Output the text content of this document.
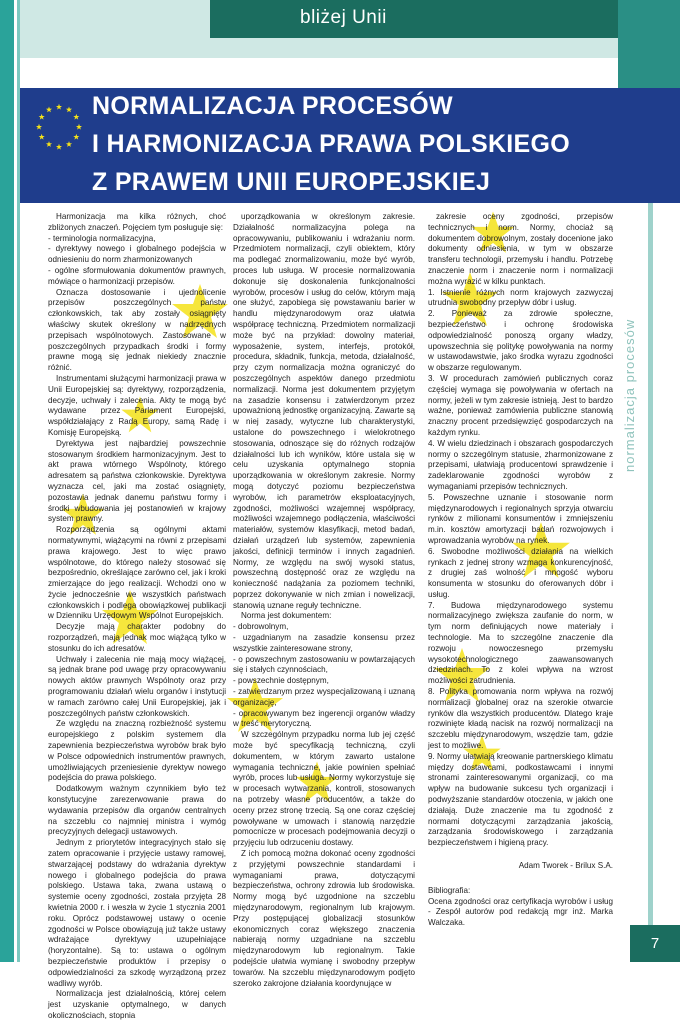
bliżej Unii
normalizacja procesów
NORMALIZACJA PROCESÓW
I HARMONIZACJA PRAWA POLSKIEGO
Z PRAWEM UNII EUROPEJSKIEJ

Harmonizacja ma kilka różnych, choć zbliżonych znaczeń. Pojęciem tym posługuje się:

- terminologia normalizacyjna,

- dyrektywy nowego i globalnego podejścia w odniesieniu do norm zharmonizowanych

- ogólne sformułowania dokumentów prawnych, mówiące o harmonizacji przepisów.

Oznacza dostosowanie i ujednolicenie przepisów poszczególnych państw członkowskich, tak aby zostały osiągnięty właściwy skutek określony w nadrzędnych przepisach wspólnotowych. Zastosowane w poszczególnych przypadkach środki i formy prawne mogą się jednak niekiedy znacznie różnić.

Instrumentami służącymi harmonizacji prawa w Unii Europejskiej są: dyrektywy, rozporządzenia, decyzje, uchwały i zalecenia. Akty te mogą być wydawane przez Parlament Europejski, współdziałający z Radą Europy, samą Radę i Komisję Europejską.

Dyrektywa jest najbardziej powszechnie stosowanym środkiem harmonizacyjnym. Jest to akt prawa wtórnego Wspólnoty, którego adresatem są państwa członkowskie. Dyrektywa wyznacza cel, jaki ma zostać osiągnięty, pozostawia jednak danemu państwu formy i środki wbudowania jej postanowień w krajowy system prawny.

Rozporządzenia są ogólnymi aktami normatywnymi, wiążącymi na równi z przepisami prawa krajowego. Jest to więc prawo wspólnotowe, do którego należy stosować się bezpośrednio, określające zarówno cel, jak i kroki zmierzające do jego realizacji. Wchodzi ono w życie jednocześnie we wszystkich państwach członkowskich i podlega obowiązkowej publikacji w Dzienniku Urzędowym Wspólnot Europejskich.

Decyzje mają charakter podobny do rozporządzeń, mają jednak moc wiążącą tylko w stosunku do ich adresatów.

Uchwały i zalecenia nie mają mocy wiążącej, są jednak brane pod uwagę przy opracowywaniu nowych aktów prawnych Wspólnoty oraz przy programowaniu działań wielu organów i instytucji w ramach zarówno całej Unii Europejskiej, jak i poszczególnych państw członkowskich.

Ze względu na znaczną rozbieżność systemu europejskiego z polskim systemem dla zapewnienia bezpieczeństwa wyrobów brak było w Polsce odpowiednich instrumentów prawnych, umożliwiających przeniesienie dyrektyw nowego podejścia do prawa polskiego.

Dodatkowym ważnym czynnikiem było też konstytucyjne zarezerwowanie prawa do wydawania przepisów dla organów centralnych na szczeblu co najmniej ministra i wymóg precyzyjnych delegacji ustawowych.

Jednym z priorytetów integracyjnych stało się zatem opracowanie i przyjęcie ustawy ramowej, stwarzającej podstawy do wdrażania dyrektyw nowego i globalnego podejścia do prawa polskiego. Ustawa taka, zwana ustawą o systemie oceny zgodności, została przyjęta 28 kwietnia 2000 r. i weszła w życie 1 stycznia 2001 roku. Oprócz podstawowej ustawy o ocenie zgodności w Polsce obowiązują już także ustawy wdrażające dyrektywy uzupełniające (horyzontalne). Są to: ustawa o ogólnym bezpieczeństwie produktów i przepisy o odpowiedzialności za szkodę wyrządzoną przez wadliwy wyrób.

Normalizacja jest działalnością, której celem jest uzyskanie optymalnego, w danych okolicznościach, stopnia

uporządkowania w określonym zakresie. Działalność normalizacyjna polega na opracowywaniu, publikowaniu i wdrażaniu norm. Przedmiotem normalizacji, czyli obiektem, który ma podlegać znormalizowaniu, może być wyrób, proces lub usługa. W procesie normalizowania dokonuje się doskonalenia funkcjonalności wyrobów, procesów i usług do celów, którym mają one służyć, zapobiega się powstawaniu barier w handlu międzynarodowym oraz ułatwia współpracę techniczną. Przedmiotem normalizacji może być na przykład: dowolny materiał, wyposażenie, system, interfejs, protokół, procedura, składnik, funkcja, metoda, działalność, przy czym normalizacja można ograniczyć do poszczególnych aspektów danego przedmiotu normalizacji. Norma jest dokumentem przyjętym na zasadzie konsensu i zatwierdzonym przez upoważnioną jednostkę organizacyjną. Zawarte są w niej zasady, wytyczne lub charakterystyki, ustalone do powszechnego i wielokrotnego stosowania, odnoszące się do różnych rodzajów działalności lub ich wyników, które ustala się w celu uzyskania optymalnego stopnia uporządkowania w określonym zakresie. Normy mogą dotyczyć poziomu bezpieczeństwa wyrobów, ich parametrów eksploatacyjnych, zgodności, możliwości wzajemnej współpracy, możliwości wzajemnego podłączenia, właściwości materiałów, systemów klasyfikacji, metod badań, działań urządzeń lub systemów, zapewnienia jakości, definicji terminów i innych zagadnień. Normy, ze względu na swój wysoki status, powszechną dostępność oraz ze względu na konieczność nadążania za poziomem techniki, poprzez dokonywanie w nich zmian i nowelizacji, stanowią uznane reguły techniczne.

Norma jest dokumentem:

- dobrowolnym,

- uzgadnianym na zasadzie konsensu przez wszystkie zainteresowane strony,

- o powszechnym zastosowaniu w powtarzających się i stałych czynnościach,

- powszechnie dostępnym,

- zatwierdzanym przez wyspecjalizowaną i uznaną organizację,

- opracowywanym bez ingerencji organów władzy w treść merytoryczną.

W szczególnym przypadku norma lub jej część może być specyfikacją techniczną, czyli dokumentem, w którym zawarto ustalone wymagania techniczne, jakie powinien spełniać wyrób, proces lub usługa. Normy wykorzystuje się w procesach wytwarzania, kontroli, stosowanych na potrzeby własne producentów, a także do oceny przez stronę trzecią. Są one coraz częściej powoływane w umowach i stanowią narzędzie pomocnicze w procesach podejmowania decyzji o przyjęciu lub odrzuceniu dostawy.

Z ich pomocą można dokonać oceny zgodności z przyjętymi powszechnie standardami i wymaganiami prawa, dotyczącymi bezpieczeństwa, ochrony zdrowia lub środowiska. Normy mogą być uzgodnione na szczeblu międzynarodowym, regionalnym lub krajowym. Przy postępującej globalizacji stosunków ekonomicznych coraz większego znaczenia nabierają normy uzgadniane na szczeblu międzynarodowym lub regionalnym. Takie podejście ułatwia wymianę i swobodny przepływ towarów. Na szczeblu międzynarodowym podjęto szeroko zakrojone działania koordynujące w

zakresie oceny zgodności, przepisów technicznych i norm. Normy, chociaż są dokumentem dobrowolnym, zostały docenione jako dokumenty odniesienia, w tym w obszarze transferu technologii, przemysłu i handlu. Potrzebę znaczenie norm i znaczenie norm i normalizacji można wyrazić w kilku punktach.

1. Istnienie różnych norm krajowych zazwyczaj utrudnia swobodny przepływ dóbr i usług.

2. Ponieważ za zdrowie społeczne, bezpieczeństwo i ochronę środowiska odpowiedzialność ponoszą organy władzy, upowszechnia się politykę powoływania na normy w ustawodawstwie, jako środka wyrazu zgodności w obszarze regulowanym.

3. W procedurach zamówień publicznych coraz częściej wymaga się powoływania w ofertach na normy, jeżeli w tym zakresie istnieją. Jest to bardzo ważne, ponieważ zamówienia publiczne stanowią znaczny procent przedsięwzięć gospodarczych na każdym rynku.

4. W wielu dziedzinach i obszarach gospodarczych normy o szczególnym statusie, zharmonizowane z przepisami, ułatwiają producentowi sprawdzenie i zadeklarowanie zgodności wyrobów z wymaganiami przepisów technicznych.

5. Powszechne uznanie i stosowanie norm międzynarodowych i regionalnych sprzyja otwarciu rynków z milionami konsumentów i zmniejszeniu m.in. kosztów amortyzacji badań rozwojowych i wprowadzania wyrobów na rynek.

6. Swobodne możliwości działania na wielkich rynkach z jednej strony wzmaga konkurencyjność, z drugiej zaś wolność i mnogość wyboru konsumenta w stosunku do oferowanych dóbr i usług.

7. Budowa międzynarodowego systemu normalizacyjnego zwiększa zaufanie do norm, w tym norm definiujących nowe materiały i technologie. Ma to szczególne znaczenie dla rozwoju nowoczesnego przemysłu wysokotechnologicznego zaawansowanych dziedzinach. To z kolei wpływa na wzrost możliwości zatrudnienia.

8. Polityka promowania norm wpływa na rozwój normalizacji globalnej oraz na szerokie otwarcie rynków dla wszystkich producentów. Dlatego kraje rozwinięte kładą nacisk na rozwój normalizacji na szczeblu międzynarodowym, wszędzie tam, gdzie jest to możliwe.

9. Normy ułatwiają kreowanie partnerskiego klimatu między dostawcami, podkostawcami i innymi stronami zainteresowanymi organizacji, co ma wpływ na budowanie sukcesu tych organizacji i podwyższanie standardów otoczenia, w jakich one działają. Duże znaczenie ma tu zgodność z normami dotyczącymi zarządzania jakością, zarządzania środowiskowego i zarządzania bezpieczeństwem i higieną pracy.

Adam Tworek - Brilux S.A.

Bibliografia:

Ocena zgodności oraz certyfikacja wyrobów i usług - Zespół autorów pod redakcją mgr inż. Marka Walczaka.

7
